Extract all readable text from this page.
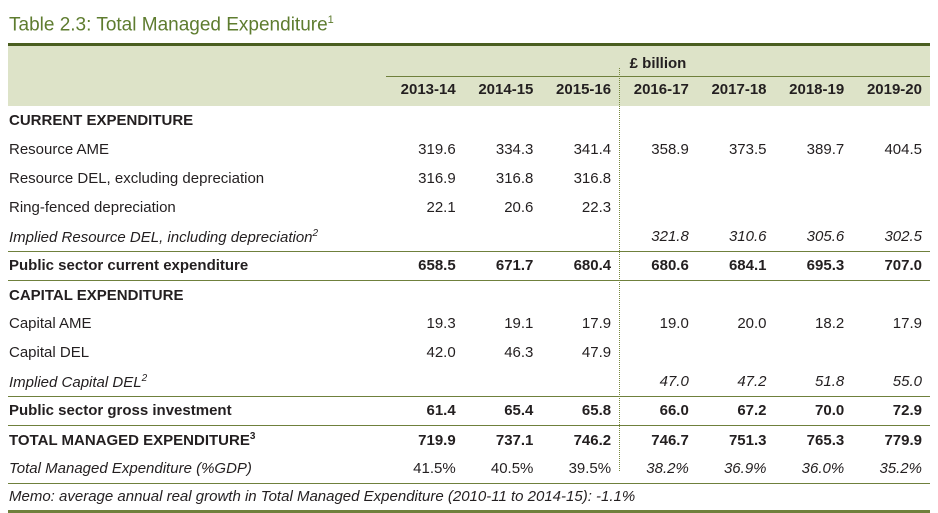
Table 2.3: Total Managed Expenditure$^1$
	£ billion						
	2013-14	2014-15	2015-16	2016-17	2017-18	2018-19	2019-20
CURRENT EXPENDITURE							
Resource AME	319.6	334.3	341.4	358.9	373.5	389.7	404.5
Resource DEL, excluding depreciation	316.9	316.8	316.8				
Ring-fenced depreciation	22.1	20.6	22.3				
Implied Resource DEL, including depreciation$^2$				321.8	310.6	305.6	302.5
Public sector current expenditure	658.5	671.7	680.4	680.6	684.1	695.3	707.0
CAPITAL EXPENDITURE							
Capital AME	19.3	19.1	17.9	19.0	20.0	18.2	17.9
Capital DEL	42.0	46.3	47.9				
Implied Capital DEL$^2$				47.0	47.2	51.8	55.0
Public sector gross investment	61.4	65.4	65.8	66.0	67.2	70.0	72.9
TOTAL MANAGED EXPENDITURE$^3$	719.9	737.1	746.2	746.7	751.3	765.3	779.9
Total Managed Expenditure (%GDP)	41.5%	40.5%	39.5%	38.2%	36.9%	36.0%	35.2%
Memo: average annual real growth in Total Managed Expenditure (2010-11 to 2014-15): -1.1%							
